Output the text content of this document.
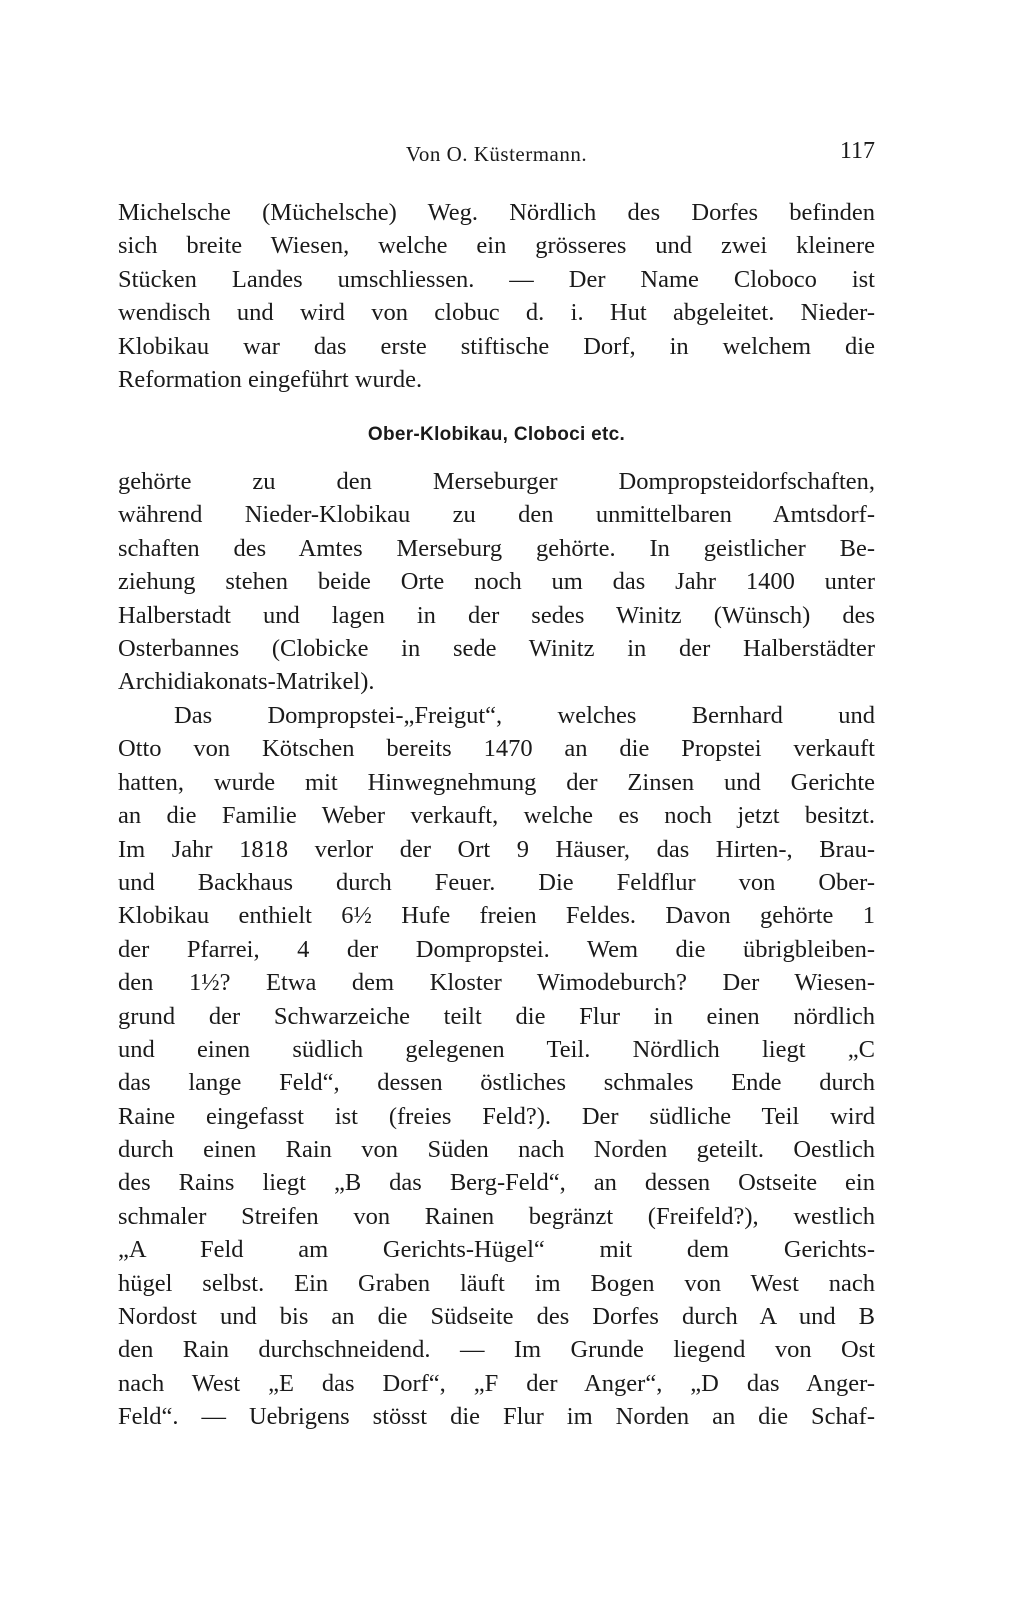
Von O. Küstermann.	117
Michelsche (Müchelsche) Weg. Nördlich des Dorfes befinden
sich breite Wiesen, welche ein grösseres und zwei kleinere
Stücken Landes umschliessen. — Der Name Cloboco ist
wendisch und wird von clobuc d. i. Hut abgeleitet. Nieder-
Klobikau war das erste stiftische Dorf, in welchem die
Reformation eingeführt wurde.
Ober-Klobikau, Cloboci etc.
gehörte zu den Merseburger Dompropsteidorfschaften,
während Nieder-Klobikau zu den unmittelbaren Amtsdorf-
schaften des Amtes Merseburg gehörte. In geistlicher Be-
ziehung stehen beide Orte noch um das Jahr 1400 unter
Halberstadt und lagen in der sedes Winitz (Wünsch) des
Osterbannes (Clobicke in sede Winitz in der Halberstädter
Archidiakonats-Matrikel).
Das Dompropstei-„Freigut“, welches Bernhard und
Otto von Kötschen bereits 1470 an die Propstei verkauft
hatten, wurde mit Hinwegnehmung der Zinsen und Gerichte
an die Familie Weber verkauft, welche es noch jetzt besitzt.
Im Jahr 1818 verlor der Ort 9 Häuser, das Hirten-, Brau-
und Backhaus durch Feuer. Die Feldflur von Ober-
Klobikau enthielt 6½ Hufe freien Feldes. Davon gehörte 1
der Pfarrei, 4 der Dompropstei. Wem die übrigbleiben-
den 1½? Etwa dem Kloster Wimodeburch? Der Wiesen-
grund der Schwarzeiche teilt die Flur in einen nördlich
und einen südlich gelegenen Teil. Nördlich liegt „C
das lange Feld“, dessen östliches schmales Ende durch
Raine eingefasst ist (freies Feld?). Der südliche Teil wird
durch einen Rain von Süden nach Norden geteilt. Oestlich
des Rains liegt „B das Berg-Feld“, an dessen Ostseite ein
schmaler Streifen von Rainen begränzt (Freifeld?), westlich
„A Feld am Gerichts-Hügel“ mit dem Gerichts-
hügel selbst. Ein Graben läuft im Bogen von West nach
Nordost und bis an die Südseite des Dorfes durch A und B
den Rain durchschneidend. — Im Grunde liegend von Ost
nach West „E das Dorf“, „F der Anger“, „D das Anger-
Feld“. — Uebrigens stösst die Flur im Norden an die Schaf-
